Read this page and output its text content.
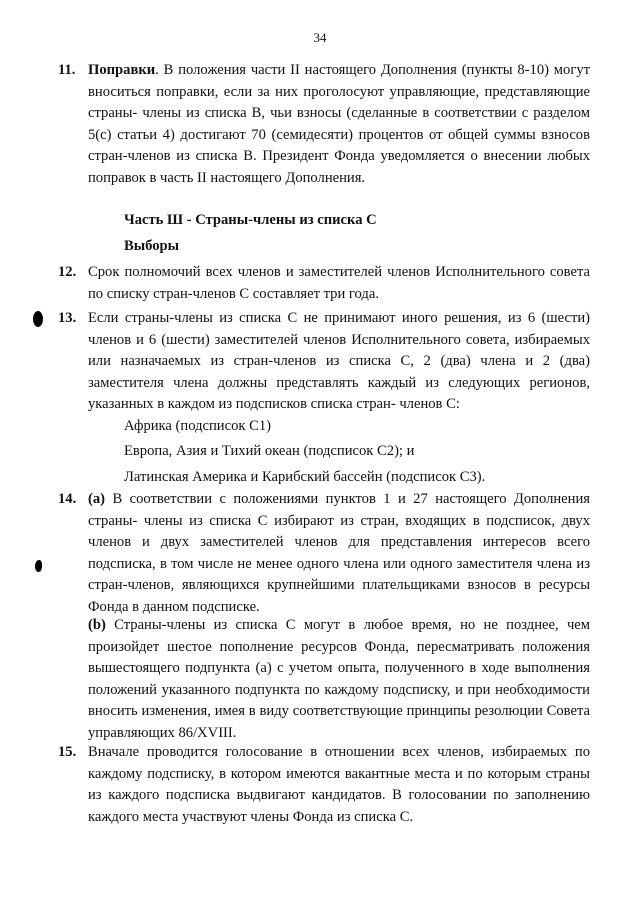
34
11. Поправки. В положения части II настоящего Дополнения (пункты 8-10) могут вноситься поправки, если за них проголосуют управляющие, представляющие страны- члены из списка В, чьи взносы (сделанные в соответствии с разделом 5(с) статьи 4) достигают 70 (семидесяти) процентов от общей суммы взносов стран-членов из списка В. Президент Фонда уведомляется о внесении любых поправок в часть II настоящего Дополнения.
Часть Ш - Страны-члены из списка С
Выборы
12. Срок полномочий всех членов и заместителей членов Исполнительного совета по списку стран-членов С составляет три года.
13. Если страны-члены из списка С не принимают иного решения, из 6 (шести) членов и 6 (шести) заместителей членов Исполнительного совета, избираемых или назначаемых из стран-членов из списка С, 2 (два) члена и 2 (два) заместителя члена должны представлять каждый из следующих регионов, указанных в каждом из подсписков списка стран- членов С:
Африка (подсписок С1)
Европа, Азия и Тихий океан (подсписок С2); и
Латинская Америка и Карибский бассейн (подсписок С3).
14. (а) В соответствии с положениями пунктов 1 и 27 настоящего Дополнения страны- члены из списка С избирают из стран, входящих в подсписок, двух членов и двух заместителей членов для представления интересов всего подсписка, в том числе не менее одного члена или одного заместителя члена из стран-членов, являющихся крупнейшими плательщиками взносов в ресурсы Фонда в данном подсписке.
(b) Страны-члены из списка С могут в любое время, но не позднее, чем произойдет шестое пополнение ресурсов Фонда, пересматривать положения вышестоящего подпункта (а) с учетом опыта, полученного в ходе выполнения положений указанного подпункта по каждому подсписку, и при необходимости вносить изменения, имея в виду соответствующие принципы резолюции Совета управляющих 86/XVIII.
15. Вначале проводится голосование в отношении всех членов, избираемых по каждому подсписку, в котором имеются вакантные места и по которым страны из каждого подсписка выдвигают кандидатов. В голосовании по заполнению каждого места участвуют члены Фонда из списка С.
